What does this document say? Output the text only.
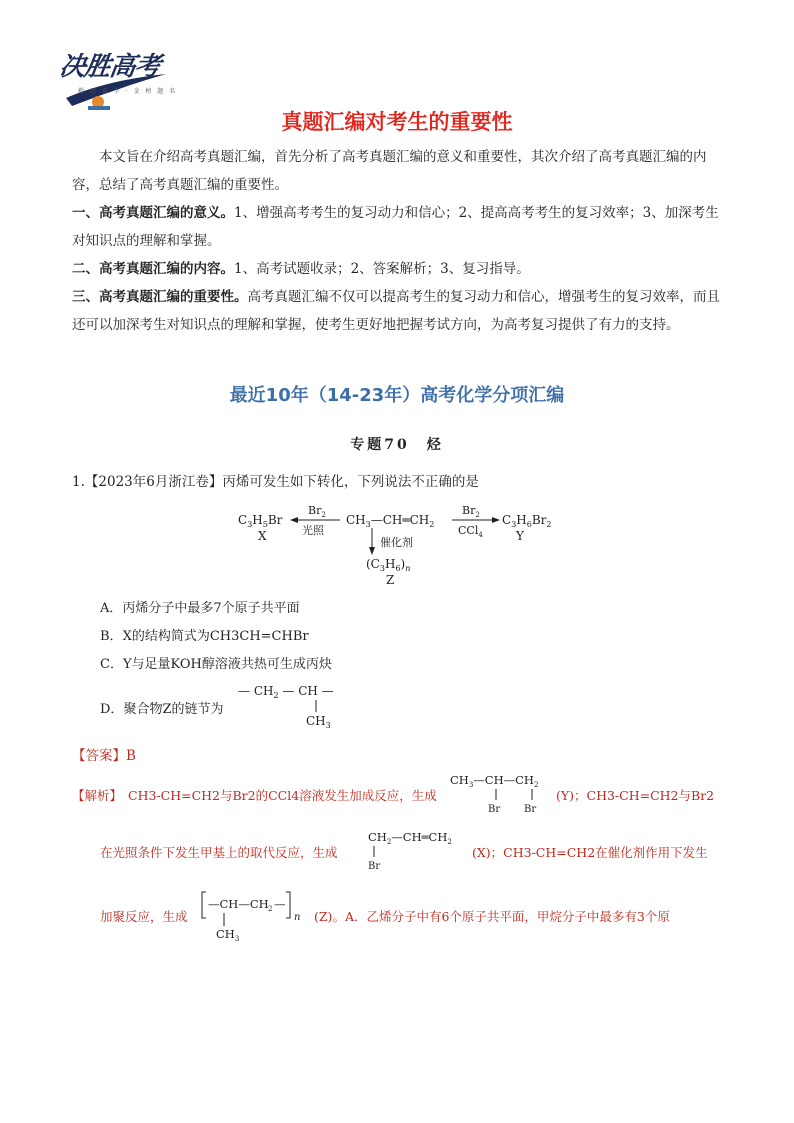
决胜高考
勤 思 奋 学 · 金 榜 题 名
真题汇编对考生的重要性
本文旨在介绍高考真题汇编，首先分析了高考真题汇编的意义和重要性，其次介绍了高考真题汇编的内容，总结了高考真题汇编的重要性。
一、高考真题汇编的意义。1、增强高考考生的复习动力和信心；2、提高高考考生的复习效率；3、加深考生对知识点的理解和掌握。
二、高考真题汇编的内容。1、高考试题收录；2、答案解析；3、复习指导。
三、高考真题汇编的重要性。高考真题汇编不仅可以提高考生的复习动力和信心，增强考生的复习效率，而且还可以加深考生对知识点的理解和掌握，使考生更好地把握考试方向，为高考复习提供了有力的支持。
最近10年（14-23年）高考化学分项汇编
专题70　烃
1.【2023年6月浙江卷】丙烯可发生如下转化，下列说法不正确的是
$C_3H_5Br$
X
$Br_2$
光照
$CH_3—CH═CH_2$
$Br_2$
CCl$_4$
$C_3H_6Br_2$
Y
催化剂
$(C_3H_6)_n$
Z
A．丙烯分子中最多7个原子共平面
B．X的结构简式为CH3CH=CHBr
C．Y与足量KOH醇溶液共热可生成丙炔
D．聚合物Z的链节为
— $CH_2$ — CH —
$CH_3$
【答案】B
【解析】 CH3-CH=CH2与Br2的CCl4溶液发生加成反应，生成
$CH_3—CH—CH_2$
Br Br
(Y)；CH3-CH=CH2与Br2
在光照条件下发生甲基上的取代反应，生成
$CH_2—CH═CH_2$
Br
(X)；CH3-CH=CH2在催化剂作用下发生
加聚反应，生成
—CH—CH 2 —
n
$CH_3$
(Z)。A．乙烯分子中有6个原子共平面，甲烷分子中最多有3个原
